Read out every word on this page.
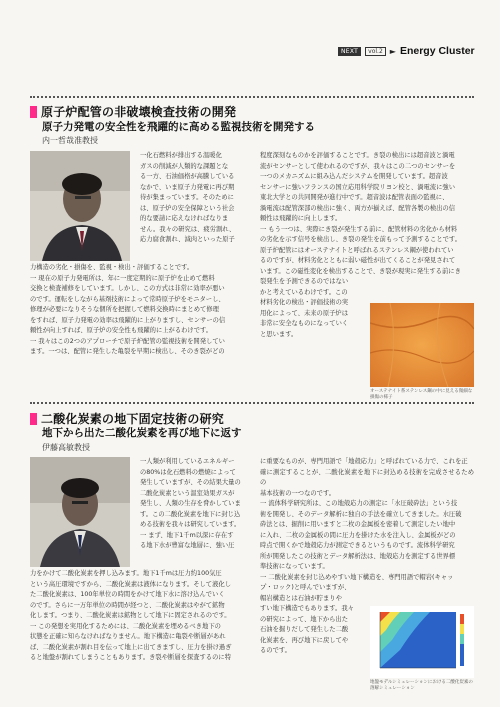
NEXT	vol.2 ► Energy Cluster
原子炉配管の非破壊検査技術の開発
原子力発電の安全性を飛躍的に高める監視技術を開発する
内一哲哉准教授
一化石燃料が排出する温暖化
ガスの削減が人類的な課題とな
る一方、石油価格が高騰している
なかで、いま原子力発電に再び期
待が集まっています。そのために
は、原子炉の安全保障という社会
的な要請に応えなければなりま
せん。我々の研究は、疲労割れ、
応力腐食割れ、減肉といった原子
力構造の劣化・損傷を、監視・検出・評価することです。
一 現在の原子力発電所は、年に一度定期的に原子炉を止めて燃料
交換と検査補修をしています。しかし、この方式は非常に効率が悪い
のです。運転をしながら基剤技術によって常時原子炉をモニターし、
修理が必要になりそうな個所を把握して燃料交換時にまとめて修理
をすれば、原子力発電の効率は飛躍的に上がりますし、センサーの信
頼性が向上すれば、原子炉の安全性も飛躍的に上がるわけです。
一 我々はこの2つのアプローチで原子炉配管の監視技術を開発してい
ます。一つは、配管に発生した亀裂を早期に検出し、そのき裂がどの
程度深刻なものかを評価することです。き裂の検出には超音波と渦電
流がセンサーとして使われるのですが、我々はこの二つのセンサーを
一つのメカニズムに組み込んだシステムを開発しています。超音波
センサーに強いフランスの国立応用科学院リヨン校と、渦電流に強い
東北大学との共同開発が進行中です。超音波は配管表面の監視に、
渦電流は配管深部の検出に強く、両方が揃えば、配管各製の検出の信
頼性は飛躍的に向上します。
一 もう一つは、実際にき裂が発生する前に、配管材料の劣化から材料
の劣化を示す信号を検出し、き裂の発生を前もって予測することです。
原子炉配管にはオーステナイトと呼ばれるステンレス鋼が使われてい
るのですが、材料劣化とともに弱い磁性が出てくることが発見されて
います。この磁性変化を検出することで、き裂が現実に発生する前にき
裂発生を予測できるのではない
かと考えているわけです。この
材料劣化の検出・評価技術の実
用化によって、未来の原子炉は
非常に安全なものになっていく
と思います。
オーステナイト系ステンレス鋼の中に見える微細な損傷の様子
二酸化炭素の地下固定技術の研究
地下から出た二酸化炭素を再び地下に返す
伊藤高敏教授
一人類が利用しているエネルギー
の80%は化石燃料の燃焼によって
発生していますが、その結果大量の
二酸化炭素という温室効果ガスが
発生し、人類の生存を脅かしていま
す。この二酸化炭素を地下に封じ込
める技術を我々は研究しています。
一 まず、地下1千m以深に存在す
る地下水が豊富な地層に、強い圧
力をかけて二酸化炭素を押し込みます。地下1千mは圧力約100気圧
という高圧環境ですから、二酸化炭素は液体になります。そして液化し
た二酸化炭素は、100年単位の時間をかけて地下水に溶け込んでいく
のです。さらに一万年単位の時間が経つと、二酸化炭素はやがて鉱物
化します。つまり、二酸化炭素は鉱物として地下に固定されるのです。
一 この発想を実用化するためには、二酸化炭素を埋めるべき地下の
状態を正確に知らなければなりません。地下構造に亀裂や断層があれ
ば、二酸化炭素が割れ目を伝って地上に出てきますし、圧力を掛け過ぎ
ると地盤が割れてしまうこともあります。き裂や断層を探査するのに特
に重要なものが、専門用語で「地殻応力」と呼ばれている力で、これを正
確に測定することが、二酸化炭素を地下に封込める技術を完成させるための
基本技術の一つなのです。
一 流体科学研究所は、この地殻応力の測定に「水圧破砕法」という技
術を開発し、そのデータ解析に独自の手法を確立してきました。水圧破
砕法とは、掘削に用いますと二枚の金属板を密着して測定したい地中
に入れ、二枚の金属板の間に圧力を掛けた水を注入し、金属板がどの
時点で開くかで地殻応力が測定できるというものです。流体科学研究
所が開発したこの技術とデータ解析法は、地殻応力を測定する世界標
準技術になっています。
一 二酸化炭素を封じ込めやすい地下構造を、専門用語で帽岩(キャッ
プ・ロック)と呼んでいますが、
帽岩構造とは石油が貯まりや
すい地下構造でもあります。我々
の研究によって、地下から出た
石油を掘りだして発生した二酸
化炭素を、再び地下に戻してや
るのです。
地盤モデルシミュレーションにおける二酸化炭素の溶解シミュレーション
